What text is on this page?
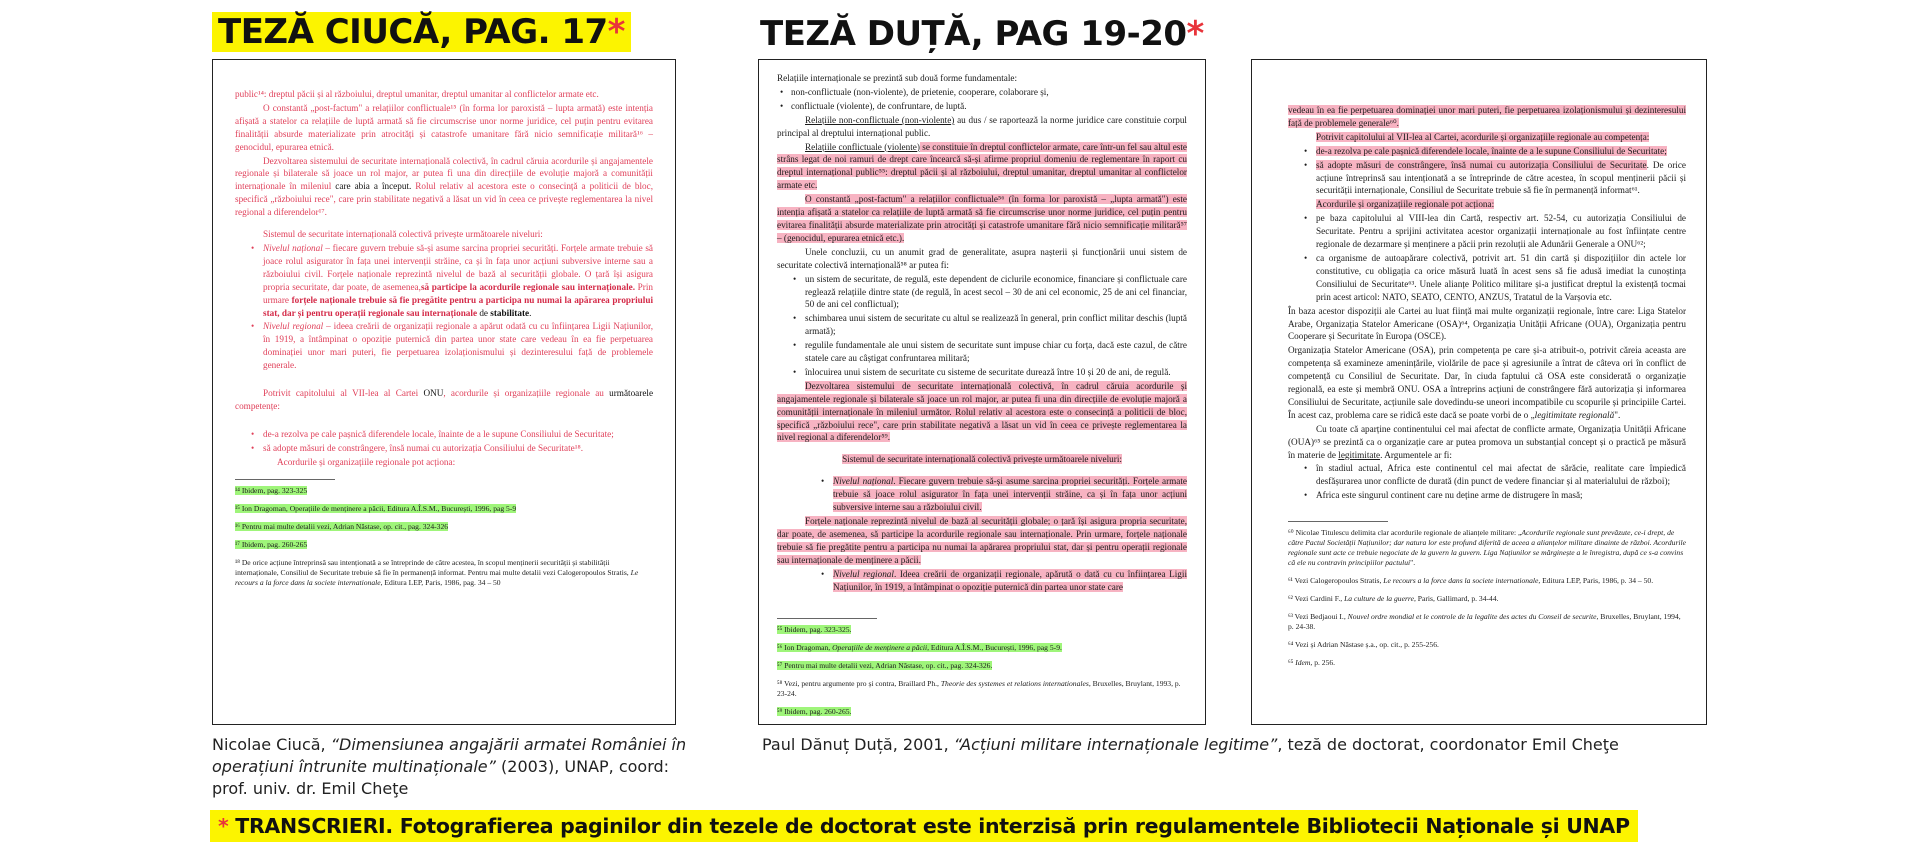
TEZĂ CIUCĂ, PAG. 17*	TEZĂ DUȚĂ, PAG 19-20*

public¹⁴: dreptul păcii și al războiului, dreptul umanitar, dreptul umanitar al conflictelor armate etc.

O constantă „post-factum" a relațiilor conflictuale¹⁵ (în forma lor paroxistă – lupta armată) este intenția afișată a statelor ca relațiile de luptă armată să fie circumscrise unor norme juridice, cel puțin pentru evitarea finalității absurde materializate prin atrocități și catastrofe umanitare fără nicio semnificație militară¹⁶ – genocidul, epurarea etnică.

Dezvoltarea sistemului de securitate internațională colectivă, în cadrul căruia acordurile și angajamentele regionale și bilaterale să joace un rol major, ar putea fi una din direcțiile de evoluție majoră a comunității internaționale în mileniul care abia a început. Rolul relativ al acestora este o consecință a politicii de bloc, specifică „războiului rece", care prin stabilitate negativă a lăsat un vid în ceea ce privește reglementarea la nivel regional a diferendelor¹⁷.

Sistemul de securitate internațională colectivă privește următoarele niveluri:

• Nivelul național – fiecare guvern trebuie să-și asume sarcina propriei securități. Forțele armate trebuie să joace rolul asigurator în fața unei intervenții străine, ca și în fața unor acțiuni subversive interne sau a războiului civil. Forțele naționale reprezintă nivelul de bază al securității globale. O țară își asigura propria securitate, dar poate, de asemenea,să participe la acordurile regionale sau internaționale. Prin urmare forțele naționale trebuie să fie pregătite pentru a participa nu numai la apărarea propriului stat, dar și pentru operații regionale sau internaționale de stabilitate.

• Nivelul regional – ideea creării de organizații regionale a apărut odată cu cu înființarea Ligii Națiunilor, în 1919, a întâmpinat o opoziție puternică din partea unor state care vedeau în ea fie perpetuarea dominației unor mari puteri, fie perpetuarea izolaționismului și dezinteresului față de problemele generale.

Potrivit capitolului al VII-lea al Cartei ONU, acordurile și organizațiile regionale au următoarele competențe:

• de-a rezolva pe cale pașnică diferendele locale, înainte de a le supune Consiliului de Securitate;

• să adopte măsuri de constrângere, însă numai cu autorizația Consiliului de Securitate¹⁸.

Acordurile și organizațiile regionale pot acționa:

¹⁴ Ibidem, pag. 323-325

¹⁵ Ion Dragoman, Operațiile de menținere a păcii, Editura A.Î.S.M., București, 1996, pag 5-9

¹⁶ Pentru mai multe detalii vezi, Adrian Năstase, op. cit., pag. 324-326

¹⁷ Ibidem, pag. 260-265

¹⁸ De orice acțiune întreprinsă sau intenționată a se întreprinde de către acestea, în scopul menținerii securității și stabilității internaționale, Consiliul de Securitate trebuie să fie în permanență informat. Pentru mai multe detalii vezi Calogeropoulos Stratis, Le recours a la force dans la societe internationale, Editura LEP, Paris, 1986, pag. 34 – 50

Relațiile internaționale se prezintă sub două forme fundamentale:

• non-conflictuale (non-violente), de prietenie, cooperare, colaborare și,

• conflictuale (violente), de confruntare, de luptă.

Relațiile non-conflictuale (non-violente) au dus / se raportează la norme juridice care constituie corpul principal al dreptului internațional public.

Relațiile conflictuale (violente) se constituie în dreptul conflictelor armate, care într-un fel sau altul este strâns legat de noi ramuri de drept care încearcă să-și afirme propriul domeniu de reglementare în raport cu dreptul internațional public⁵⁵: dreptul păcii și al războiului, dreptul umanitar, dreptul umanitar al conflictelor armate etc.

O constantă „post-factum" a relațiilor conflictuale⁵⁶ (în forma lor paroxistă – „lupta armată") este intenția afișată a statelor ca relațiile de luptă armată să fie circumscrise unor norme juridice, cel puțin pentru evitarea finalității absurde materializate prin atrocități și catastrofe umanitare fără nicio semnificație militară⁵⁷ – (genocidul, epurarea etnică etc.).

Unele concluzii, cu un anumit grad de generalitate, asupra nașterii și funcționării unui sistem de securitate colectivă internațională⁵⁸ ar putea fi:

• un sistem de securitate, de regulă, este dependent de ciclurile economice, financiare și conflictuale care reglează relațiile dintre state (de regulă, în acest secol – 30 de ani cel economic, 25 de ani cel financiar, 50 de ani cel conflictual);

• schimbarea unui sistem de securitate cu altul se realizează în general, prin conflict militar deschis (luptă armată);

• regulile fundamentale ale unui sistem de securitate sunt impuse chiar cu forța, dacă este cazul, de către statele care au câștigat confruntarea militară;

• înlocuirea unui sistem de securitate cu sisteme de securitate durează între 10 și 20 de ani, de regulă.

Dezvoltarea sistemului de securitate internațională colectivă, în cadrul căruia acordurile și angajamentele regionale și bilaterale să joace un rol major, ar putea fi una din direcțiile de evoluție majoră a comunității internaționale în mileniul următor. Rolul relativ al acestora este o consecință a politicii de bloc, specifică „războiului rece", care prin stabilitate negativă a lăsat un vid în ceea ce privește reglementarea la nivel regional a diferendelor⁵⁹.

Sistemul de securitate internațională colectivă privește următoarele niveluri:

• Nivelul național. Fiecare guvern trebuie să-și asume sarcina propriei securități. Forțele armate trebuie să joace rolul asigurator în fața unei intervenții străine, ca și în fața unor acțiuni subversive interne sau a războiului civil.

Forțele naționale reprezintă nivelul de bază al securității globale; o țară își asigura propria securitate, dar poate, de asemenea, să participe la acordurile regionale sau internaționale. Prin urmare, forțele naționale trebuie să fie pregătite pentru a participa nu numai la apărarea propriului stat, dar și pentru operații regionale sau internaționale de menținere a păcii.

• Nivelul regional. Ideea creării de organizații regionale, apărută o dată cu cu înființarea Ligii Națiunilor, în 1919, a întâmpinat o opoziție puternică din partea unor state care

⁵⁵ Ibidem, pag. 323-325.

⁵⁶ Ion Dragoman, Operațiile de menținere a păcii, Editura A.Î.S.M., București, 1996, pag 5-9.

⁵⁷ Pentru mai multe detalii vezi, Adrian Năstase, op. cit., pag. 324-326.

⁵⁸ Vezi, pentru argumente pro și contra, Braillard Ph., Theorie des systemes et relations internationales, Bruxelles, Bruylant, 1993, p. 23-24.

⁵⁹ Ibidem, pag. 260-265.

vedeau în ea fie perpetuarea dominației unor mari puteri, fie perpetuarea izolaționismului și dezinteresului față de problemele generale⁶⁰.

Potrivit capitolului al VII-lea al Cartei, acordurile și organizațiile regionale au competența:

• de-a rezolva pe cale pașnică diferendele locale, înainte de a le supune Consiliului de Securitate;

• să adopte măsuri de constrângere, însă numai cu autorizația Consiliului de Securitate. De orice acțiune întreprinsă sau intenționată a se întreprinde de către acestea, în scopul menținerii păcii și securității internaționale, Consiliul de Securitate trebuie să fie în permanență informat⁶¹.

Acordurile și organizațiile regionale pot acționa:

• pe baza capitolului al VIII-lea din Cartă, respectiv art. 52-54, cu autorizația Consiliului de Securitate. Pentru a sprijini activitatea acestor organizații internaționale au fost înființate centre regionale de dezarmare și menținere a păcii prin rezoluții ale Adunării Generale a ONU⁶²;

• ca organisme de autoapărare colectivă, potrivit art. 51 din cartă și dispozițiilor din actele lor constitutive, cu obligația ca orice măsură luată în acest sens să fie adusă imediat la cunoștința Consiliului de Securitate⁶³. Unele alianțe Politico militare și-a justificat dreptul la existență tocmai prin acest articol: NATO, SEATO, CENTO, ANZUS, Tratatul de la Varșovia etc.

În baza acestor dispoziții ale Cartei au luat ființă mai multe organizații regionale, între care: Liga Statelor Arabe, Organizația Statelor Americane (OSA)⁶⁴, Organizația Unității Africane (OUA), Organizația pentru Cooperare și Securitate în Europa (OSCE).

Organizația Statelor Americane (OSA), prin competența pe care și-a atribuit-o, potrivit căreia aceasta are competența să examineze amenințările, violările de pace și agresiunile a întrat de câteva ori în conflict de competență cu Consiliul de Securitate. Dar, în ciuda faptului că OSA este considerată o organizație regională, ea este și membră ONU. OSA a întreprins acțiuni de constrângere fără autorizația și informarea Consiliului de Securitate, acțiunile sale dovedindu-se uneori incompatibile cu scopurile și principiile Cartei. În acest caz, problema care se ridică este dacă se poate vorbi de o „legitimitate regională".

Cu toate că aparține continentului cel mai afectat de conflicte armate, Organizația Unității Africane (OUA)⁶⁵ se prezintă ca o organizație care ar putea promova un substanțial concept și o practică pe măsură în materie de legitimitate. Argumentele ar fi:

• în stadiul actual, Africa este continentul cel mai afectat de sărăcie, realitate care împiedică desfășurarea unor conflicte de durată (din punct de vedere financiar și al materialului de război);

• Africa este singurul continent care nu deține arme de distrugere în masă;

⁶⁰ Nicolae Titulescu delimita clar acordurile regionale de alianțele militare: „Acordurile regionale sunt prevăzute, ce-i drept, de către Pactul Societății Națiunilor; dar natura lor este profund diferită de aceea a alianțelor militare dinainte de război. Acordurile regionale sunt acte ce trebuie negociate de la guvern la guvern. Liga Națiunilor se mărginește a le înregistra, după ce s-a convins că ele nu contravin principiilor pactului".

⁶¹ Vezi Calogeropoulos Stratis, Le recours a la force dans la societe internationale, Editura LEP, Paris, 1986, p. 34 – 50.

⁶² Vezi Cardini F., La culture de la guerre, Paris, Gallimard, p. 34-44.

⁶³ Vezi Bedjaoui I., Nouvel ordre mondial et le controle de la legalite des actes du Conseil de securite, Bruxelles, Bruylant, 1994, p. 24-38.

⁶⁴ Vezi și Adrian Năstase ș.a., op. cit., p. 255-256.

⁶⁵ Idem, p. 256.

Nicolae Ciucă, “Dimensiunea angajării armatei României în operațiuni întrunite multinaționale” (2003), UNAP, coord: prof. univ. dr. Emil Cheţe
Paul Dănuț Duță, 2001, “Acțiuni militare internaționale legitime”, teză de doctorat, coordonator Emil Cheţe
* TRANSCRIERI. Fotografierea paginilor din tezele de doctorat este interzisă prin regulamentele Bibliotecii Naționale și UNAP
